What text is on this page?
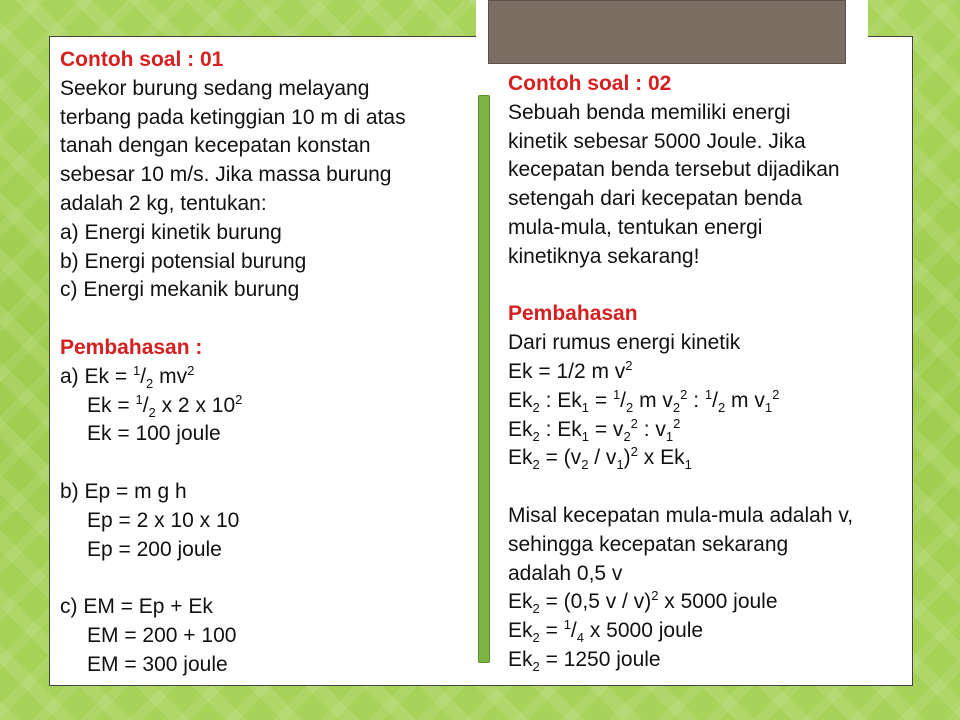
Contoh soal : 01
Seekor burung sedang melayang
terbang pada ketinggian 10 m di atas
tanah dengan kecepatan konstan
sebesar 10 m/s. Jika massa burung
adalah 2 kg, tentukan:
a) Energi kinetik burung
b) Energi potensial burung
c) Energi mekanik burung
Pembahasan :
a) $Ek = ^1/_2$ $mv^2$
$Ek = ^1/_2$ x 2 x $10^2$
Ek = 100 joule
b) Ep = m g h
Ep = 2 x 10 x 10
Ep = 200 joule
c) EM = Ep + Ek
EM = 200 + 100
EM = 300 joule
Contoh soal : 02
Sebuah benda memiliki energi
kinetik sebesar 5000 Joule. Jika
kecepatan benda tersebut dijadikan
setengah dari kecepatan benda
mula-mula, tentukan energi
kinetiknya sekarang!
Pembahasan
Dari rumus energi kinetik
Ek = 1/2 m $v^2$
$Ek_2$ : $Ek_1 = ^1/_2$ m $v_2^2$ : $^1/_2$ m $v_1^2$
$Ek_2$ : $Ek_1 = v_2^2$ : $v_1^2$
$Ek_2 = (v_2 / v_1)^2$ x $Ek_1$
Misal kecepatan mula-mula adalah v,
sehingga kecepatan sekarang
adalah 0,5 v
$Ek_2 = (0,5$ v / v)$^2$ x 5000 joule
$Ek_2 = ^1/_4$ x 5000 joule
$Ek_2 = 1250$ joule
